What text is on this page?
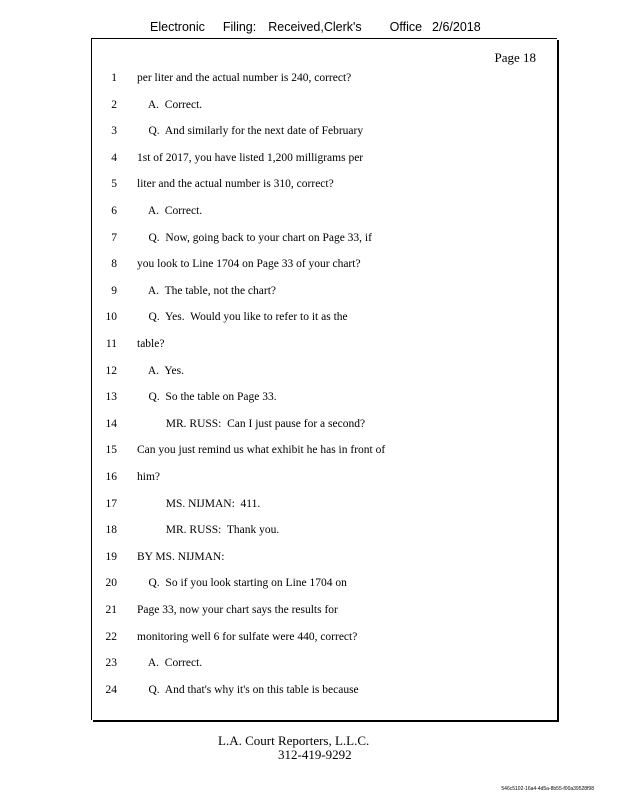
Electronic Filing: Received,Clerk's Office 2/6/2018
Page 18
1 per liter and the actual number is 240, correct?
2 A.  Correct.
3 Q.  And similarly for the next date of February
4 1st of 2017, you have listed 1,200 milligrams per
5 liter and the actual number is 310, correct?
6 A.  Correct.
7 Q.  Now, going back to your chart on Page 33, if
8 you look to Line 1704 on Page 33 of your chart?
9 A.  The table, not the chart?
10 Q.  Yes.  Would you like to refer to it as the
11 table?
12 A.  Yes.
13 Q.  So the table on Page 33.
14 MR. RUSS:  Can I just pause for a second?
15 Can you just remind us what exhibit he has in front of
16 him?
17 MS. NIJMAN:  411.
18 MR. RUSS:  Thank you.
19 BY MS. NIJMAN:
20 Q.  So if you look starting on Line 1704 on
21 Page 33, now your chart says the results for
22 monitoring well 6 for sulfate were 440, correct?
23 A.  Correct.
24 Q.  And that's why it's on this table is because
L.A. Court Reporters, L.L.C.
312-419-9292
546c5102-16a4-4d5a-8b55-f00a39528f98
